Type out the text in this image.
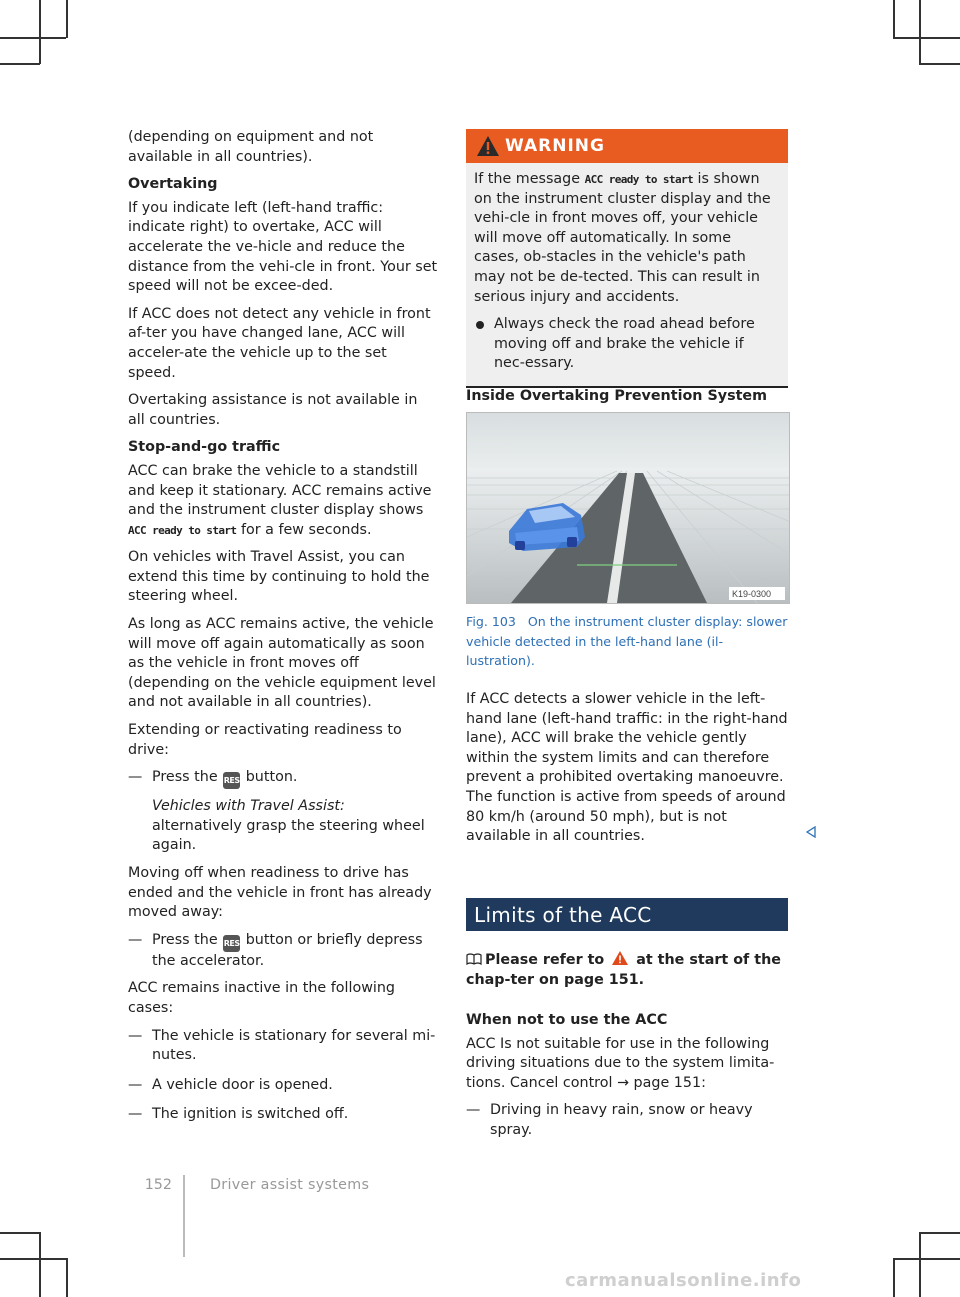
(depending on equipment and not available in all countries).

Overtaking

If you indicate left (left-hand traffic: indicate right) to overtake, ACC will accelerate the ve-hicle and reduce the distance from the vehi-cle in front. Your set speed will not be excee-ded.

If ACC does not detect any vehicle in front af-ter you have changed lane, ACC will acceler-ate the vehicle up to the set speed.

Overtaking assistance is not available in all countries.

Stop-and-go traffic

ACC can brake the vehicle to a standstill and keep it stationary. ACC remains active and the instrument cluster display shows ACC ready to start for a few seconds.

On vehicles with Travel Assist, you can extend this time by continuing to hold the steering wheel.

As long as ACC remains active, the vehicle will move off again automatically as soon as the vehicle in front moves off (depending on the vehicle equipment level and not available in all countries).

Extending or reactivating readiness to drive:

— Press the RES button.
Vehicles with Travel Assist: alternatively grasp the steering wheel again.

Moving off when readiness to drive has ended and the vehicle in front has already moved away:

— Press the RES button or briefly depress the accelerator.

ACC remains inactive in the following cases:

— The vehicle is stationary for several mi-nutes.
— A vehicle door is opened.
— The ignition is switched off.
WARNING

If the message ACC ready to start is shown on the instrument cluster display and the vehi-cle in front moves off, your vehicle will move off automatically. In some cases, ob-stacles in the vehicle's path may not be de-tected. This can result in serious injury and accidents.

Always check the road ahead before moving off and brake the vehicle if nec-essary.

Inside Overtaking Prevention System
K19-0300
Fig. 103 On the instrument cluster display: slower vehicle detected in the left-hand lane (il-lustration).
If ACC detects a slower vehicle in the left-hand lane (left-hand traffic: in the right-hand lane), ACC will brake the vehicle gently within the system limits and can therefore prevent a prohibited overtaking manoeuvre. The function is active from speeds of around 80 km/h (around 50 mph), but is not available in all countries.
Limits of the ACC
Please refer to  at the start of the chap-ter on page 151.

When not to use the ACC

ACC Is not suitable for use in the following driving situations due to the system limita-tions. Cancel control → page 151:

— Driving in heavy rain, snow or heavy spray.
152	Driver assist systems
carmanualsonline.info
